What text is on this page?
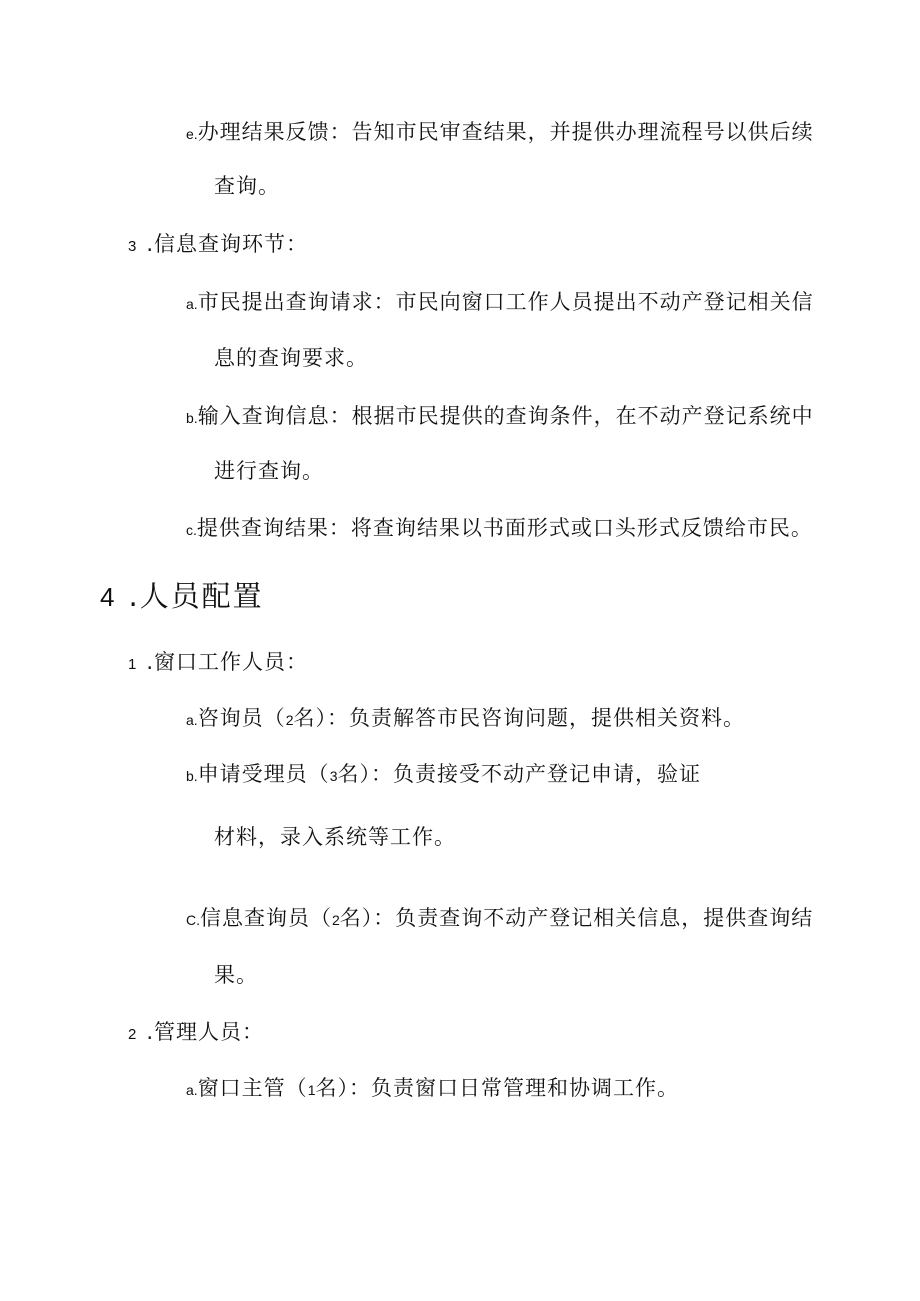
e.办理结果反馈：告知市民审查结果，并提供办理流程号以供后续
查询。
3 .信息查询环节：
a.市民提出查询请求：市民向窗口工作人员提出不动产登记相关信
息的查询要求。
b.输入查询信息：根据市民提供的查询条件，在不动产登记系统中
进行查询。
c.提供查询结果：将查询结果以书面形式或口头形式反馈给市民。
4 .人员配置
1 .窗口工作人员：
a.咨询员（2名）：负责解答市民咨询问题，提供相关资料。
b.申请受理员（3名）：负责接受不动产登记申请，验证
材料，录入系统等工作。
C.信息查询员（2名）：负责查询不动产登记相关信息，提供查询结
果。
2 .管理人员：
a.窗口主管（1名）：负责窗口日常管理和协调工作。
